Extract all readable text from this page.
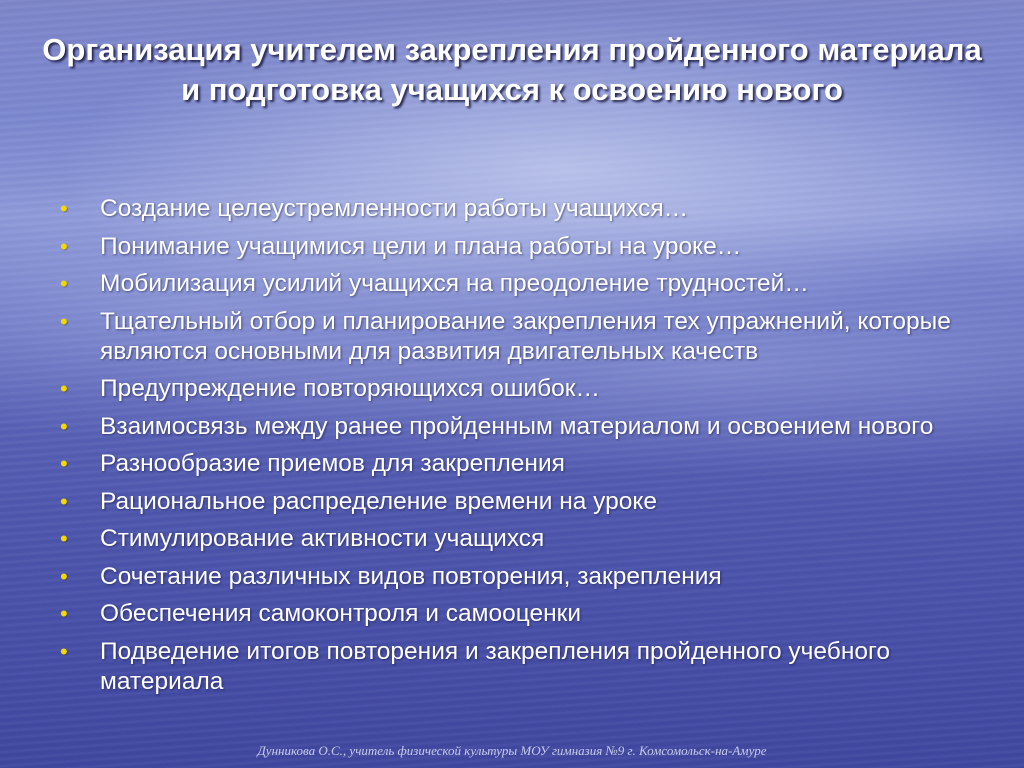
Организация учителем закрепления пройденного материала и подготовка учащихся к освоению нового
• Создание целеустремленности работы учащихся…
• Понимание учащимися цели и плана работы на уроке…
• Мобилизация усилий учащихся на преодоление трудностей…
• Тщательный отбор и планирование закрепления тех упражнений, которые являются основными для развития двигательных качеств
• Предупреждение повторяющихся ошибок…
• Взаимосвязь между ранее пройденным материалом и освоением нового
• Разнообразие приемов для закрепления
• Рациональное распределение времени на уроке
• Стимулирование активности учащихся
• Сочетание различных видов повторения, закрепления
• Обеспечения самоконтроля и самооценки
• Подведение итогов повторения и закрепления пройденного учебного материала
Дунникова О.С., учитель физической культуры МОУ гимназия №9 г. Комсомольск-на-Амуре
